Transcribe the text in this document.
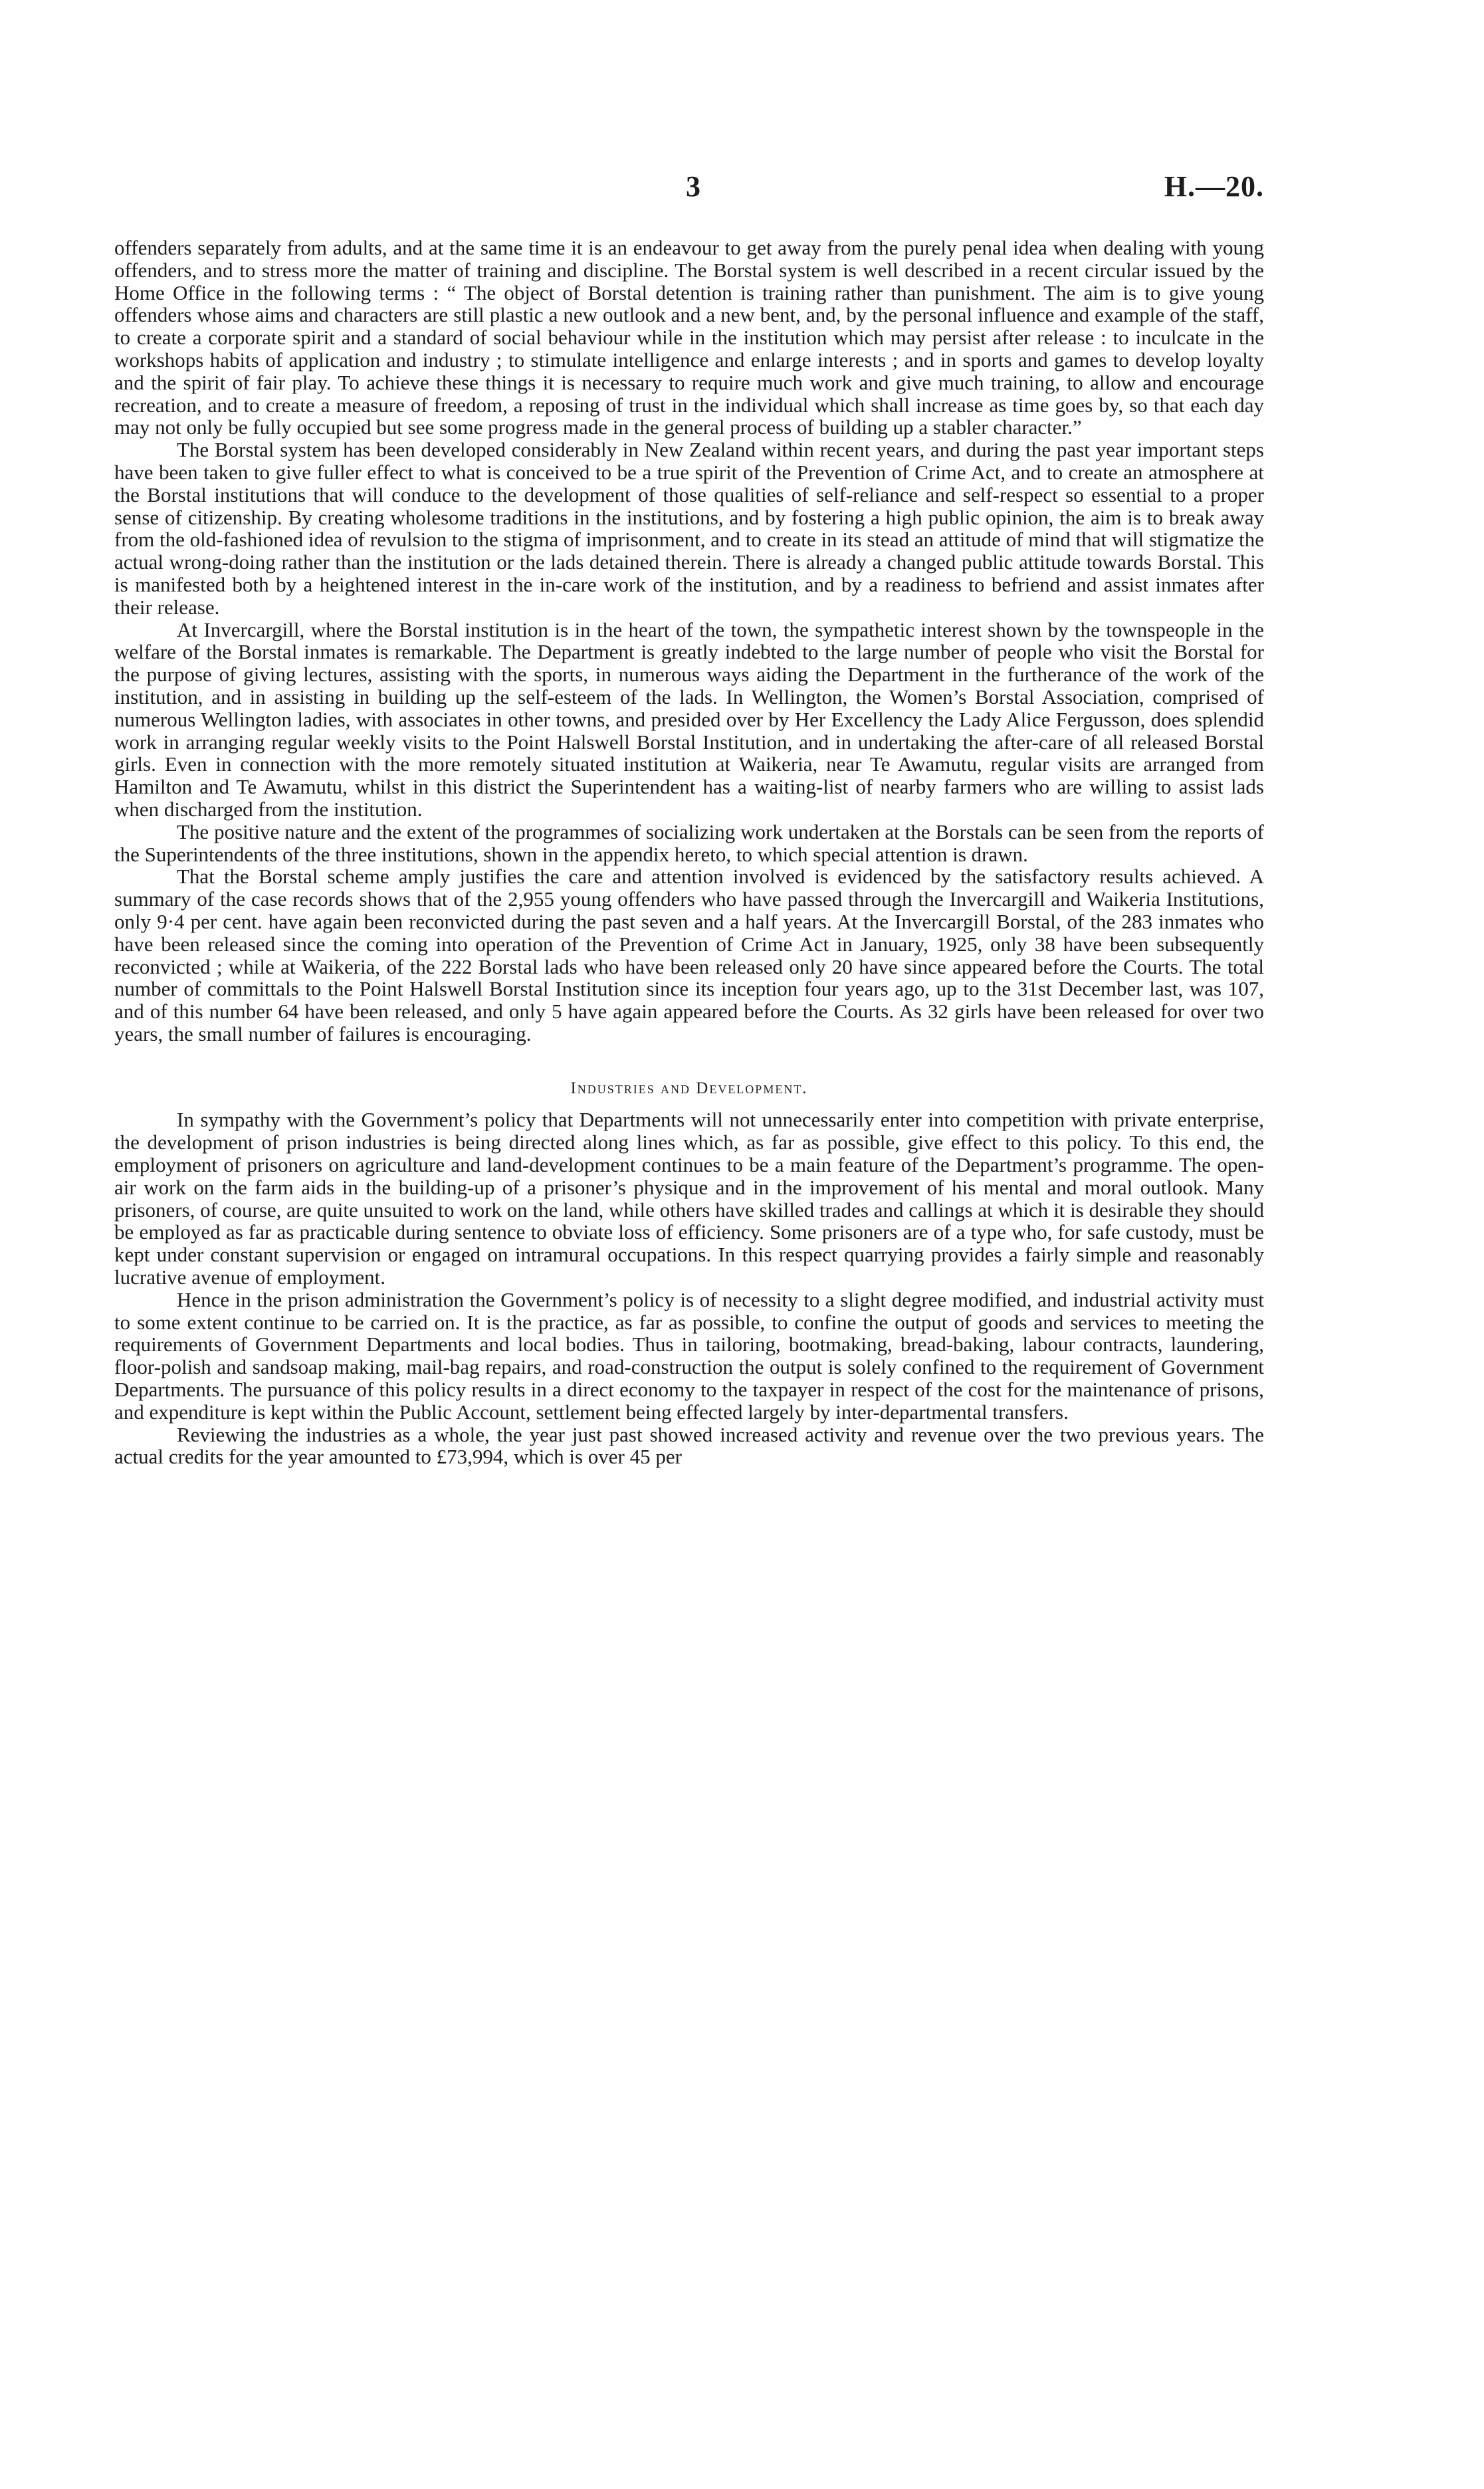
3	H.—20.

offenders separately from adults, and at the same time it is an endeavour to get away from the purely penal idea when dealing with young offenders, and to stress more the matter of training and discipline. The Borstal system is well described in a recent circular issued by the Home Office in the following terms : “ The object of Borstal detention is training rather than punishment. The aim is to give young offenders whose aims and characters are still plastic a new outlook and a new bent, and, by the personal influence and example of the staff, to create a corporate spirit and a standard of social behaviour while in the institution which may persist after release : to inculcate in the workshops habits of application and industry ; to stimulate intelligence and enlarge interests ; and in sports and games to develop loyalty and the spirit of fair play. To achieve these things it is necessary to require much work and give much training, to allow and encourage recreation, and to create a measure of freedom, a reposing of trust in the individual which shall increase as time goes by, so that each day may not only be fully occupied but see some progress made in the general process of building up a stabler character.”

The Borstal system has been developed considerably in New Zealand within recent years, and during the past year important steps have been taken to give fuller effect to what is conceived to be a true spirit of the Prevention of Crime Act, and to create an atmosphere at the Borstal institutions that will conduce to the development of those qualities of self-reliance and self-respect so essential to a proper sense of citizenship. By creating wholesome traditions in the institutions, and by fostering a high public opinion, the aim is to break away from the old-fashioned idea of revulsion to the stigma of imprisonment, and to create in its stead an attitude of mind that will stigmatize the actual wrong-doing rather than the institution or the lads detained therein. There is already a changed public attitude towards Borstal. This is manifested both by a heightened interest in the in-care work of the institution, and by a readiness to befriend and assist inmates after their release.

At Invercargill, where the Borstal institution is in the heart of the town, the sympathetic interest shown by the townspeople in the welfare of the Borstal inmates is remarkable. The Department is greatly indebted to the large number of people who visit the Borstal for the purpose of giving lectures, assisting with the sports, in numerous ways aiding the Department in the furtherance of the work of the institution, and in assisting in building up the self-esteem of the lads. In Wellington, the Women’s Borstal Association, comprised of numerous Wellington ladies, with associates in other towns, and presided over by Her Excellency the Lady Alice Fergusson, does splendid work in arranging regular weekly visits to the Point Halswell Borstal Institution, and in undertaking the after-care of all released Borstal girls. Even in connection with the more remotely situated institution at Waikeria, near Te Awamutu, regular visits are arranged from Hamilton and Te Awamutu, whilst in this district the Superintendent has a waiting-list of nearby farmers who are willing to assist lads when discharged from the institution.

The positive nature and the extent of the programmes of socializing work undertaken at the Borstals can be seen from the reports of the Superintendents of the three institutions, shown in the appendix hereto, to which special attention is drawn.

That the Borstal scheme amply justifies the care and attention involved is evidenced by the satisfactory results achieved. A summary of the case records shows that of the 2,955 young offenders who have passed through the Invercargill and Waikeria Institutions, only 9·4 per cent. have again been reconvicted during the past seven and a half years. At the Invercargill Borstal, of the 283 inmates who have been released since the coming into operation of the Prevention of Crime Act in January, 1925, only 38 have been subsequently reconvicted ; while at Waikeria, of the 222 Borstal lads who have been released only 20 have since appeared before the Courts. The total number of committals to the Point Halswell Borstal Institution since its inception four years ago, up to the 31st December last, was 107, and of this number 64 have been released, and only 5 have again appeared before the Courts. As 32 girls have been released for over two years, the small number of failures is encouraging.

Industries and Development.

In sympathy with the Government’s policy that Departments will not unnecessarily enter into competition with private enterprise, the development of prison industries is being directed along lines which, as far as possible, give effect to this policy. To this end, the employment of prisoners on agriculture and land-development continues to be a main feature of the Department’s programme. The open-air work on the farm aids in the building-up of a prisoner’s physique and in the improvement of his mental and moral outlook. Many prisoners, of course, are quite unsuited to work on the land, while others have skilled trades and callings at which it is desirable they should be employed as far as practicable during sentence to obviate loss of efficiency. Some prisoners are of a type who, for safe custody, must be kept under constant supervision or engaged on intramural occupations. In this respect quarrying provides a fairly simple and reasonably lucrative avenue of employment.

Hence in the prison administration the Government’s policy is of necessity to a slight degree modified, and industrial activity must to some extent continue to be carried on. It is the practice, as far as possible, to confine the output of goods and services to meeting the requirements of Government Departments and local bodies. Thus in tailoring, bootmaking, bread-baking, labour contracts, laundering, floor-polish and sandsoap making, mail-bag repairs, and road-construction the output is solely confined to the requirement of Government Departments. The pursuance of this policy results in a direct economy to the taxpayer in respect of the cost for the maintenance of prisons, and expenditure is kept within the Public Account, settlement being effected largely by inter-departmental transfers.

Reviewing the industries as a whole, the year just past showed increased activity and revenue over the two previous years. The actual credits for the year amounted to £73,994, which is over 45 per
